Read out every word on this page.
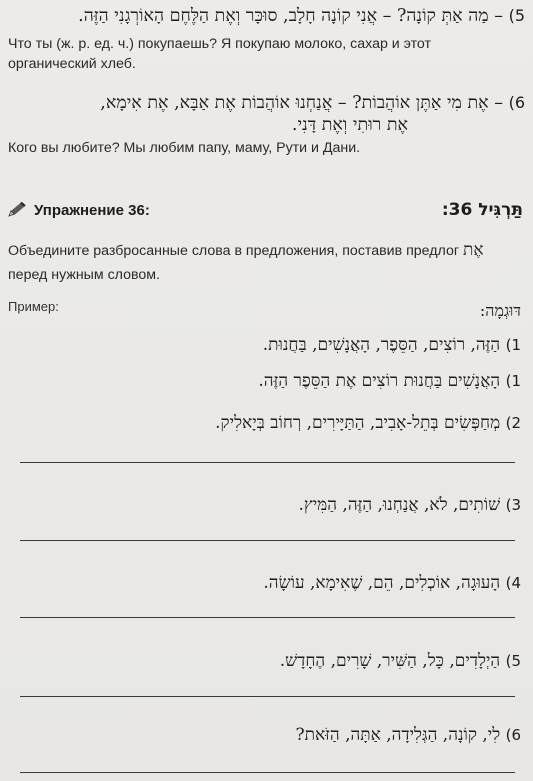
5) – מַה אַתְּ קוֹנָה? – אֲנִי קוֹנָה חָלָב, סוּכָּר וְאֶת הַלֶּחֶם הָאוֹרְגָנִי הַזֶּה.
Что ты (ж. р. ед. ч.) покупаешь? Я покупаю молоко, сахар и этот органический хлеб.
6) – אֶת מִי אַתֶּן אוֹהֲבוֹת? – אֲנַחְנוּ אוֹהֲבוֹת אֶת אַבָּא, אֶת אִימָא,
אֶת רוּתִי וְאֶת דָּנִי.
Кого вы любите? Мы любим папу, маму, Рути и Дани.
Упражнение 36:	תַּרְגִּיל 36:
Объедините разбросанные слова в предложения, поставив предлог אֶת
перед нужным словом.
Пример:	דּוּגְמָה:
1) הַזֶּה, רוֹצִים, הַסֵּפֶר, הָאֲנָשִׁים, בַּחֲנוּת.
1) הָאֲנָשִׁים בַּחֲנוּת רוֹצִים אֶת הַסֵּפֶר הַזֶּה.
2) מְחַפְּשִׂים בְּתֵל-אָבִיב, הַתַּיָּירִים, רְחוֹב בְּיָאלִיק.
3) שׁוֹתִים, לֹא, אֲנַחְנוּ, הַזֶּה, הַמִּיץ.
4) הָעוּגָה, אוֹכְלִים, הֵם, שֶׁאִימָא, עוֹשָׂה.
5) הַיְלָדִים, כָּל, הַשִּׁיר, שָׁרִים, הֶחָדָשׁ.
6) לִי, קוֹנָה, הַגְּלִידָה, אַתָּה, הַזֹּאת?
